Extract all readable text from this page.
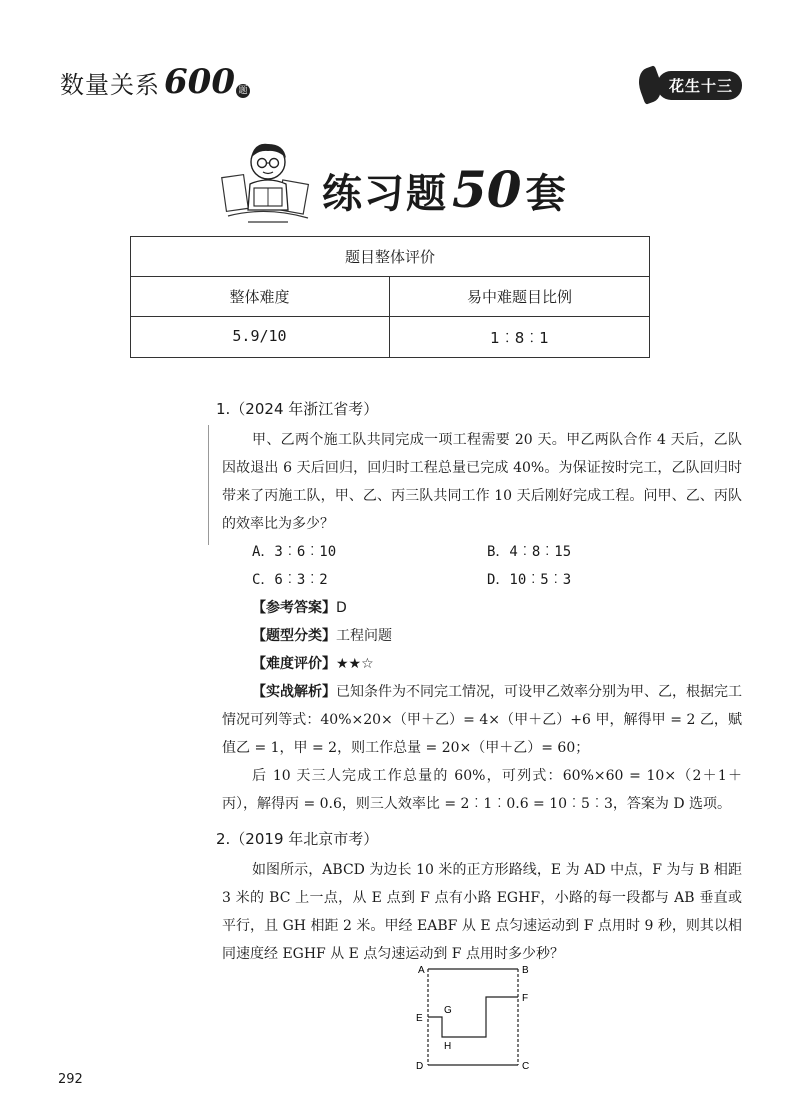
数量关系 600 题	花生十三
练习题 50 套
题目整体评价
整体难度	易中难题目比例
5.9/10	1︰8︰1
1.（2024 年浙江省考）

甲、乙两个施工队共同完成一项工程需要 20 天。甲乙两队合作 4 天后，乙队因故退出 6 天后回归，回归时工程总量已完成 40%。为保证按时完工，乙队回归时带来了丙施工队，甲、乙、丙三队共同工作 10 天后刚好完成工程。问甲、乙、丙队的效率比为多少？

A．3︰6︰10	B．4︰8︰15
C．6︰3︰2	D．10︰5︰3
【参考答案】D
【题型分类】工程问题
【难度评价】★★☆

【实战解析】已知条件为不同完工情况，可设甲乙效率分别为甲、乙，根据完工情况可列等式：40%×20×（甲＋乙）= 4×（甲＋乙）+6 甲，解得甲 = 2 乙，赋值乙 = 1，甲 = 2，则工作总量 = 20×（甲＋乙）= 60；

后 10 天三人完成工作总量的 60%，可列式：60%×60 = 10×（2＋1＋丙），解得丙 = 0.6，则三人效率比 = 2︰1︰0.6 = 10︰5︰3，答案为 D 选项。

2.（2019 年北京市考）

如图所示，ABCD 为边长 10 米的正方形路线，E 为 AD 中点，F 为与 B 相距 3 米的 BC 上一点，从 E 点到 F 点有小路 EGHF，小路的每一段都与 AB 垂直或平行，且 GH 相距 2 米。甲经 EABF 从 E 点匀速运动到 F 点用时 9 秒，则其以相同速度经 EGHF 从 E 点匀速运动到 F 点用时多少秒？

A	B
F
G
E
H
D	C
292
